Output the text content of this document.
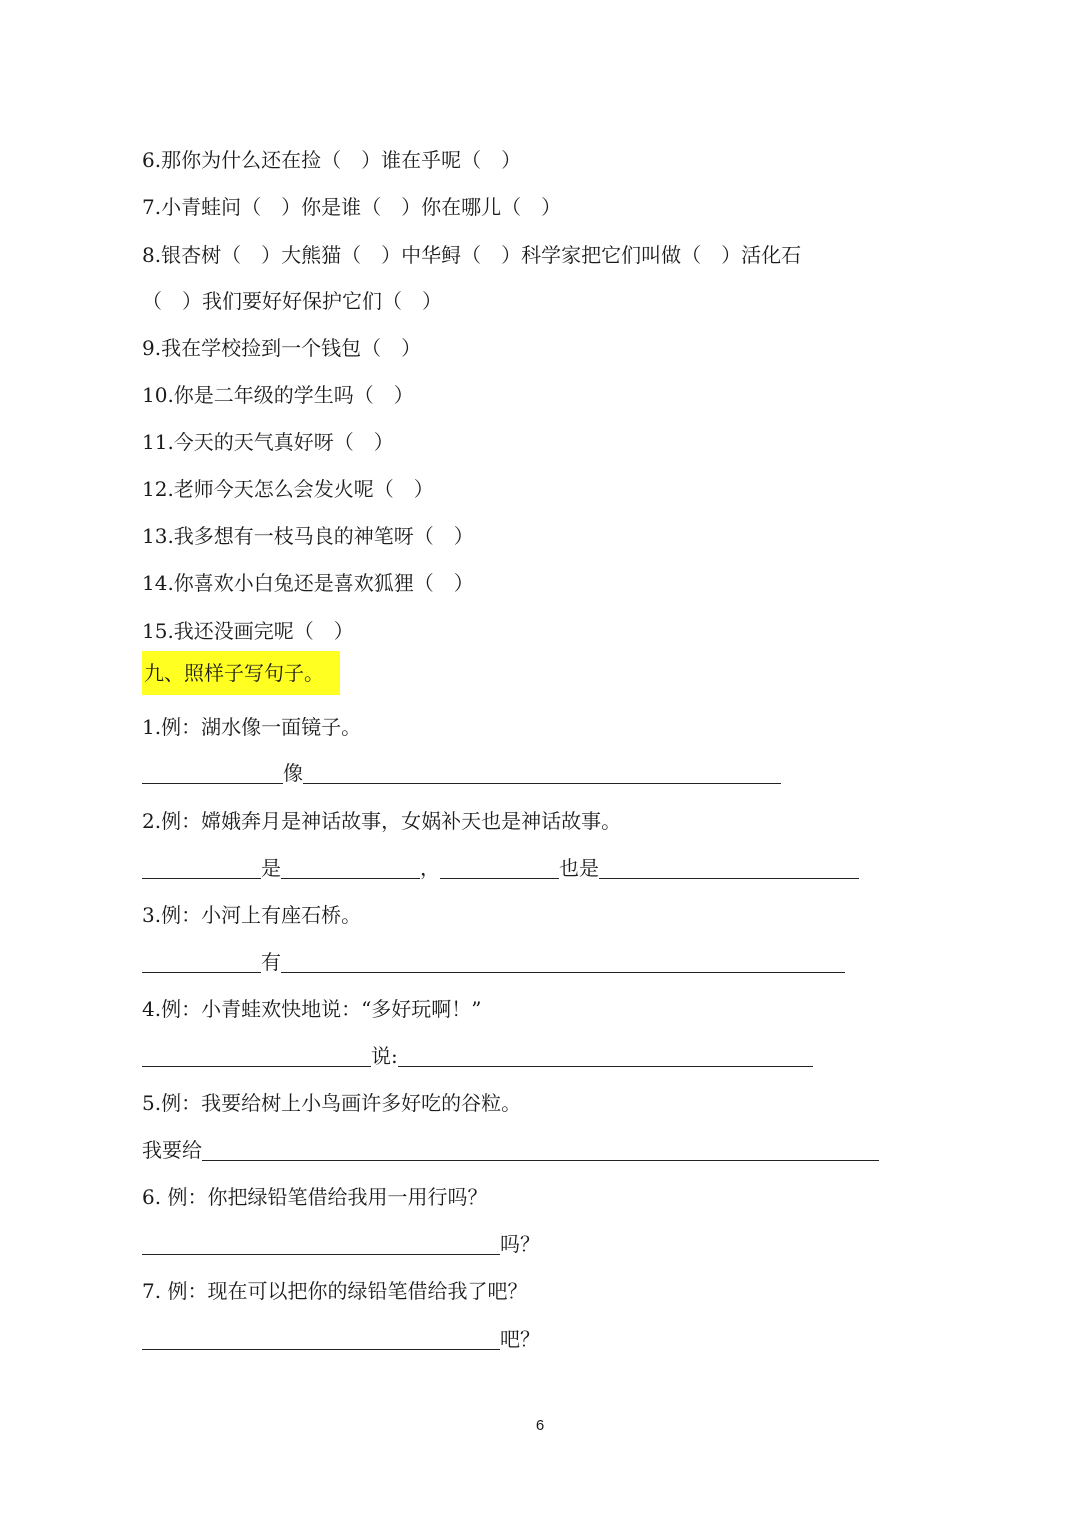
6.那你为什么还在捡（　）谁在乎呢（　）
7.小青蛙问（　）你是谁（　）你在哪儿（　）
8.银杏树（　）大熊猫（　）中华鲟（　）科学家把它们叫做（　）活化石
（　）我们要好好保护它们（　）
9.我在学校捡到一个钱包（　）
10.你是二年级的学生吗（　）
11.今天的天气真好呀（　）
12.老师今天怎么会发火呢（　）
13.我多想有一枝马良的神笔呀（　）
14.你喜欢小白兔还是喜欢狐狸（　）
15.我还没画完呢（　）
九、照样子写句子。
1.例：湖水像一面镜子。
像
2.例：嫦娥奔月是神话故事，女娲补天也是神话故事。
是	，	也是
3.例：小河上有座石桥。
有
4.例：小青蛙欢快地说：“多好玩啊！”
说:
5.例：我要给树上小鸟画许多好吃的谷粒。
我要给
6. 例：你把绿铅笔借给我用一用行吗？
吗？
7. 例：现在可以把你的绿铅笔借给我了吧？
吧？
6
